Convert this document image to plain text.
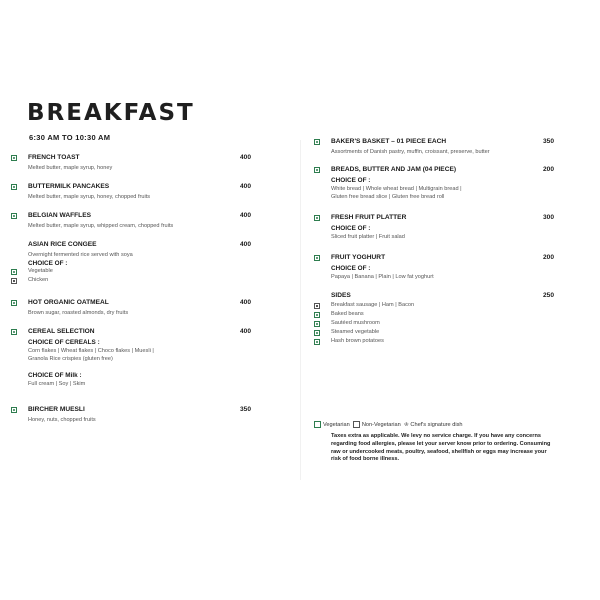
BREAKFAST
6:30 AM TO 10:30 AM
FRENCH TOAST	400
Melted butter, maple syrup, honey
BUTTERMILK PANCAKES	400
Melted butter, maple syrup, honey, chopped fruits
BELGIAN WAFFLES	400
Melted butter, maple syrup, whipped cream, chopped fruits
ASIAN RICE CONGEE	400
Overnight fermented rice served with soya
CHOICE OF :
Vegetable
Chicken
HOT ORGANIC OATMEAL	400
Brown sugar, roasted almonds, dry fruits
CEREAL SELECTION	400
CHOICE OF CEREALS :
Corn flakes | Wheat flakes | Choco flakes | Muesli |
Granola Rice crispies (gluten free)
CHOICE OF Milk :
Full cream | Soy | Skim
BIRCHER MUESLI	350
Honey, nuts, chopped fruits
BAKER'S BASKET – 01 PIECE EACH	350
Assortments of Danish pastry, muffin, croissant, preserve, butter
BREADS, BUTTER AND JAM (04 PIECE)	200
CHOICE OF :
White bread | Whole wheat bread | Multigrain bread |
Gluten free bread slice | Gluten free bread roll
FRESH FRUIT PLATTER	300
CHOICE OF :
Sliced fruit platter | Fruit salad
FRUIT YOGHURT	200
CHOICE OF :
Papaya | Banana | Plain | Low fat yoghurt
SIDES	250
Breakfast sausage | Ham | Bacon
Baked beans
Sautéed mushroom
Steamed vegetable
Hash brown potatoes
Vegetarian Non-Vegetarian ♔ Chef's signature dish
Taxes extra as applicable. We levy no service charge. If you have any concerns
regarding food allergies, please let your server know prior to ordering. Consuming
raw or undercooked meats, poultry, seafood, shellfish or eggs may increase your
risk of food borne illness.
